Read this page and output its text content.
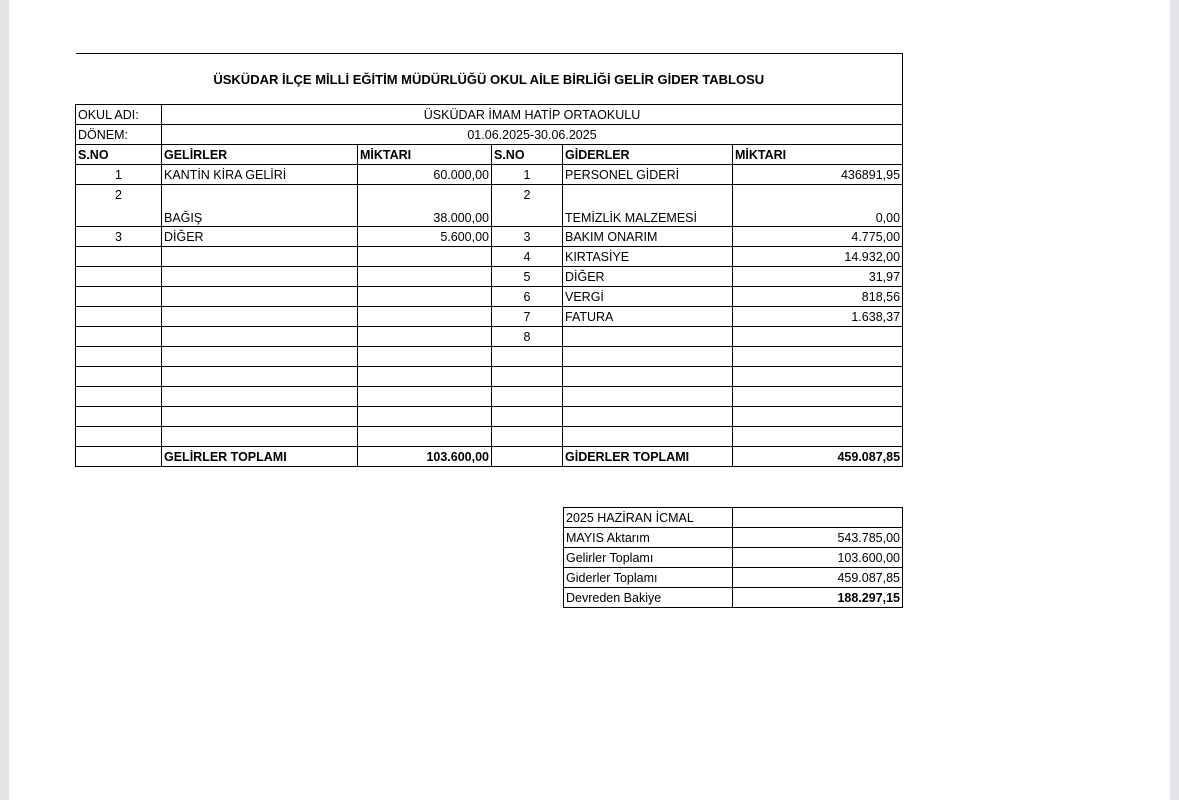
ÜSKÜDAR İLÇE MİLLİ EĞİTİM MÜDÜRLÜĞÜ OKUL AİLE BİRLİĞİ GELİR GİDER TABLOSU					
OKUL ADI:	ÜSKÜDAR İMAM HATİP ORTAOKULU				
DÖNEM:	01.06.2025-30.06.2025				
S.NO	GELİRLER	MİKTARI	S.NO	GİDERLER	MİKTARI
1	KANTİN KİRA GELİRİ	60.000,00	1	PERSONEL GİDERİ	436891,95
2	BAĞIŞ	38.000,00	2	TEMİZLİK MALZEMESİ	0,00
3	DİĞER	5.600,00	3	BAKIM ONARIM	4.775,00
			4	KIRTASİYE	14.932,00
			5	DİĞER	31,97
			6	VERGİ	818,56
			7	FATURA	1.638,37
			8		

	GELİRLER TOPLAMI	103.600,00		GİDERLER TOPLAMI	459.087,85
2025 HAZİRAN İCMAL	
MAYIS Aktarım	543.785,00
Gelirler Toplamı	103.600,00
Giderler Toplamı	459.087,85
Devreden Bakiye	188.297,15
